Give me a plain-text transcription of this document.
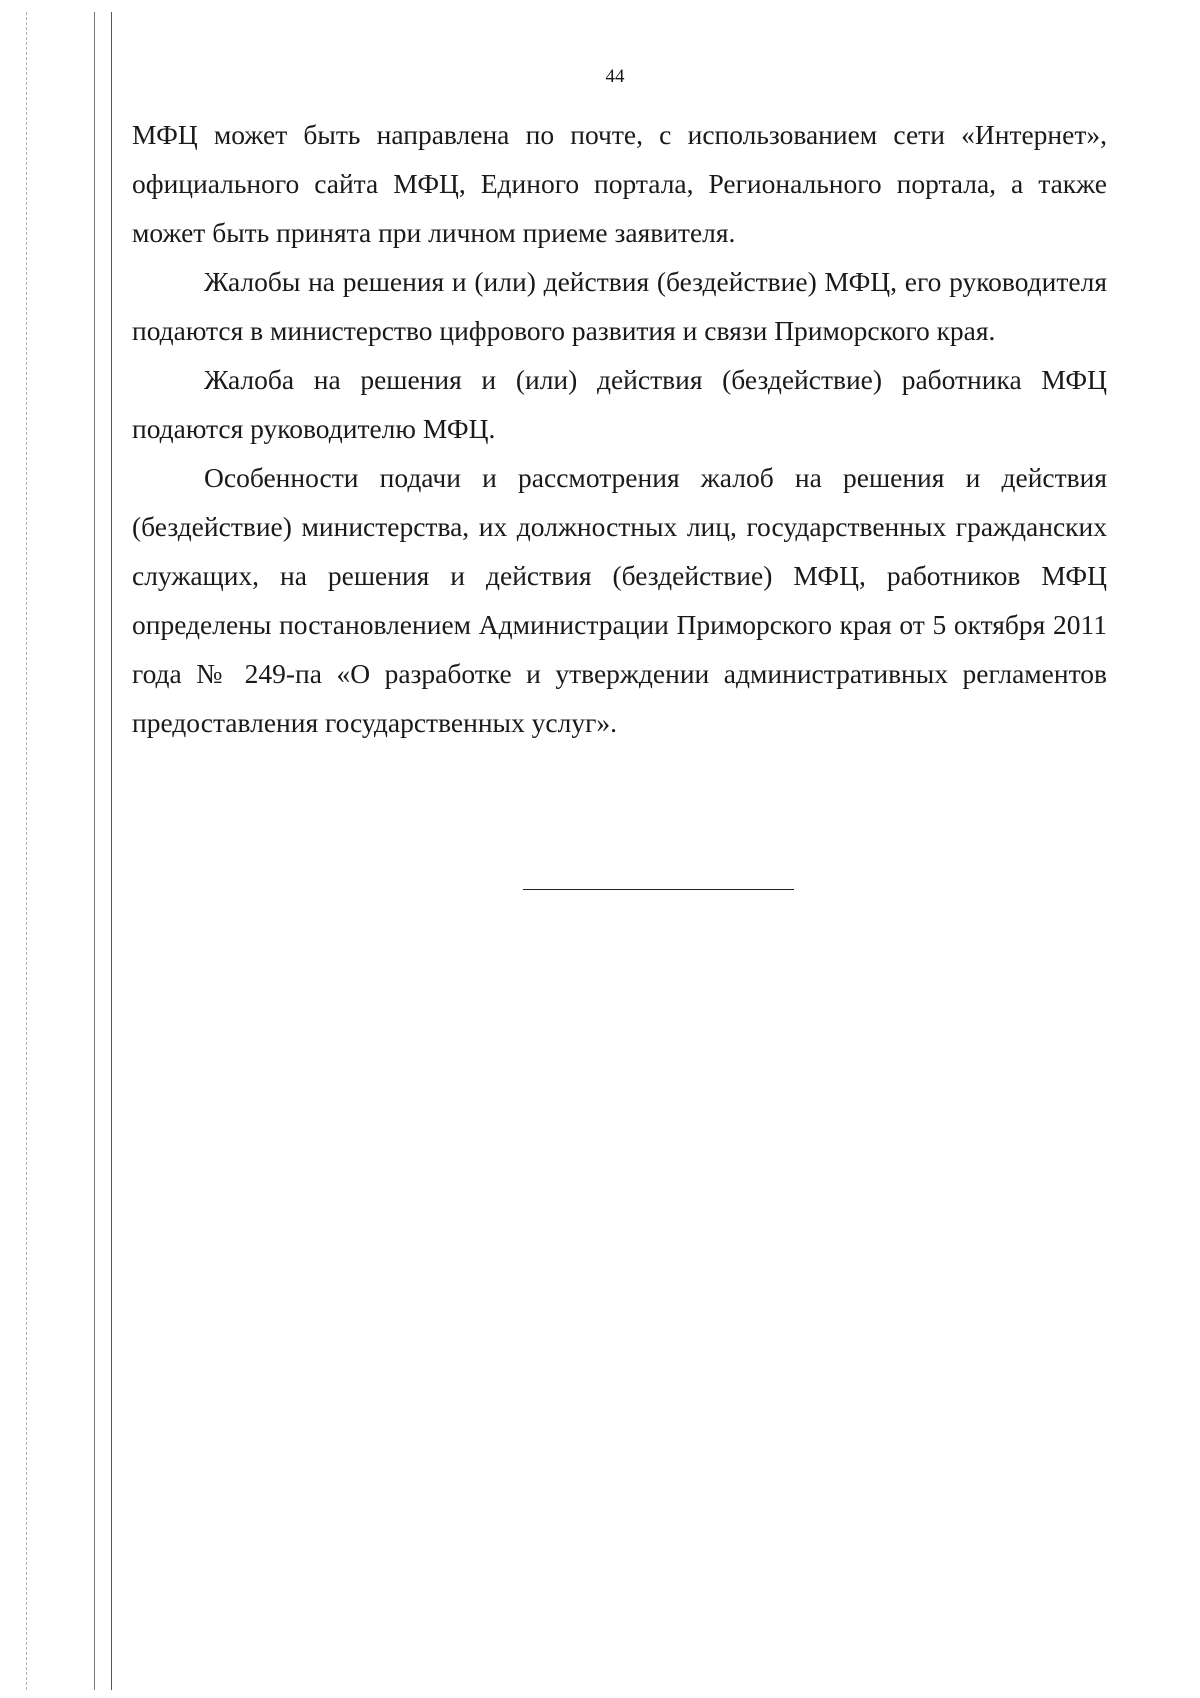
44

МФЦ может быть направлена по почте, с использованием сети «Интернет», официального сайта МФЦ, Единого портала, Регионального портала, а также может быть принята при личном приеме заявителя.

Жалобы на решения и (или) действия (бездействие) МФЦ, его руководителя подаются в министерство цифрового развития и связи Приморского края.

Жалоба на решения и (или) действия (бездействие) работника МФЦ подаются руководителю МФЦ.

Особенности подачи и рассмотрения жалоб на решения и действия (бездействие) министерства, их должностных лиц, государственных гражданских служащих, на решения и действия (бездействие) МФЦ, работников МФЦ определены постановлением Администрации Приморского края от 5 октября 2011 года № 249-па «О разработке и утверждении административных регламентов предоставления государственных услуг».
